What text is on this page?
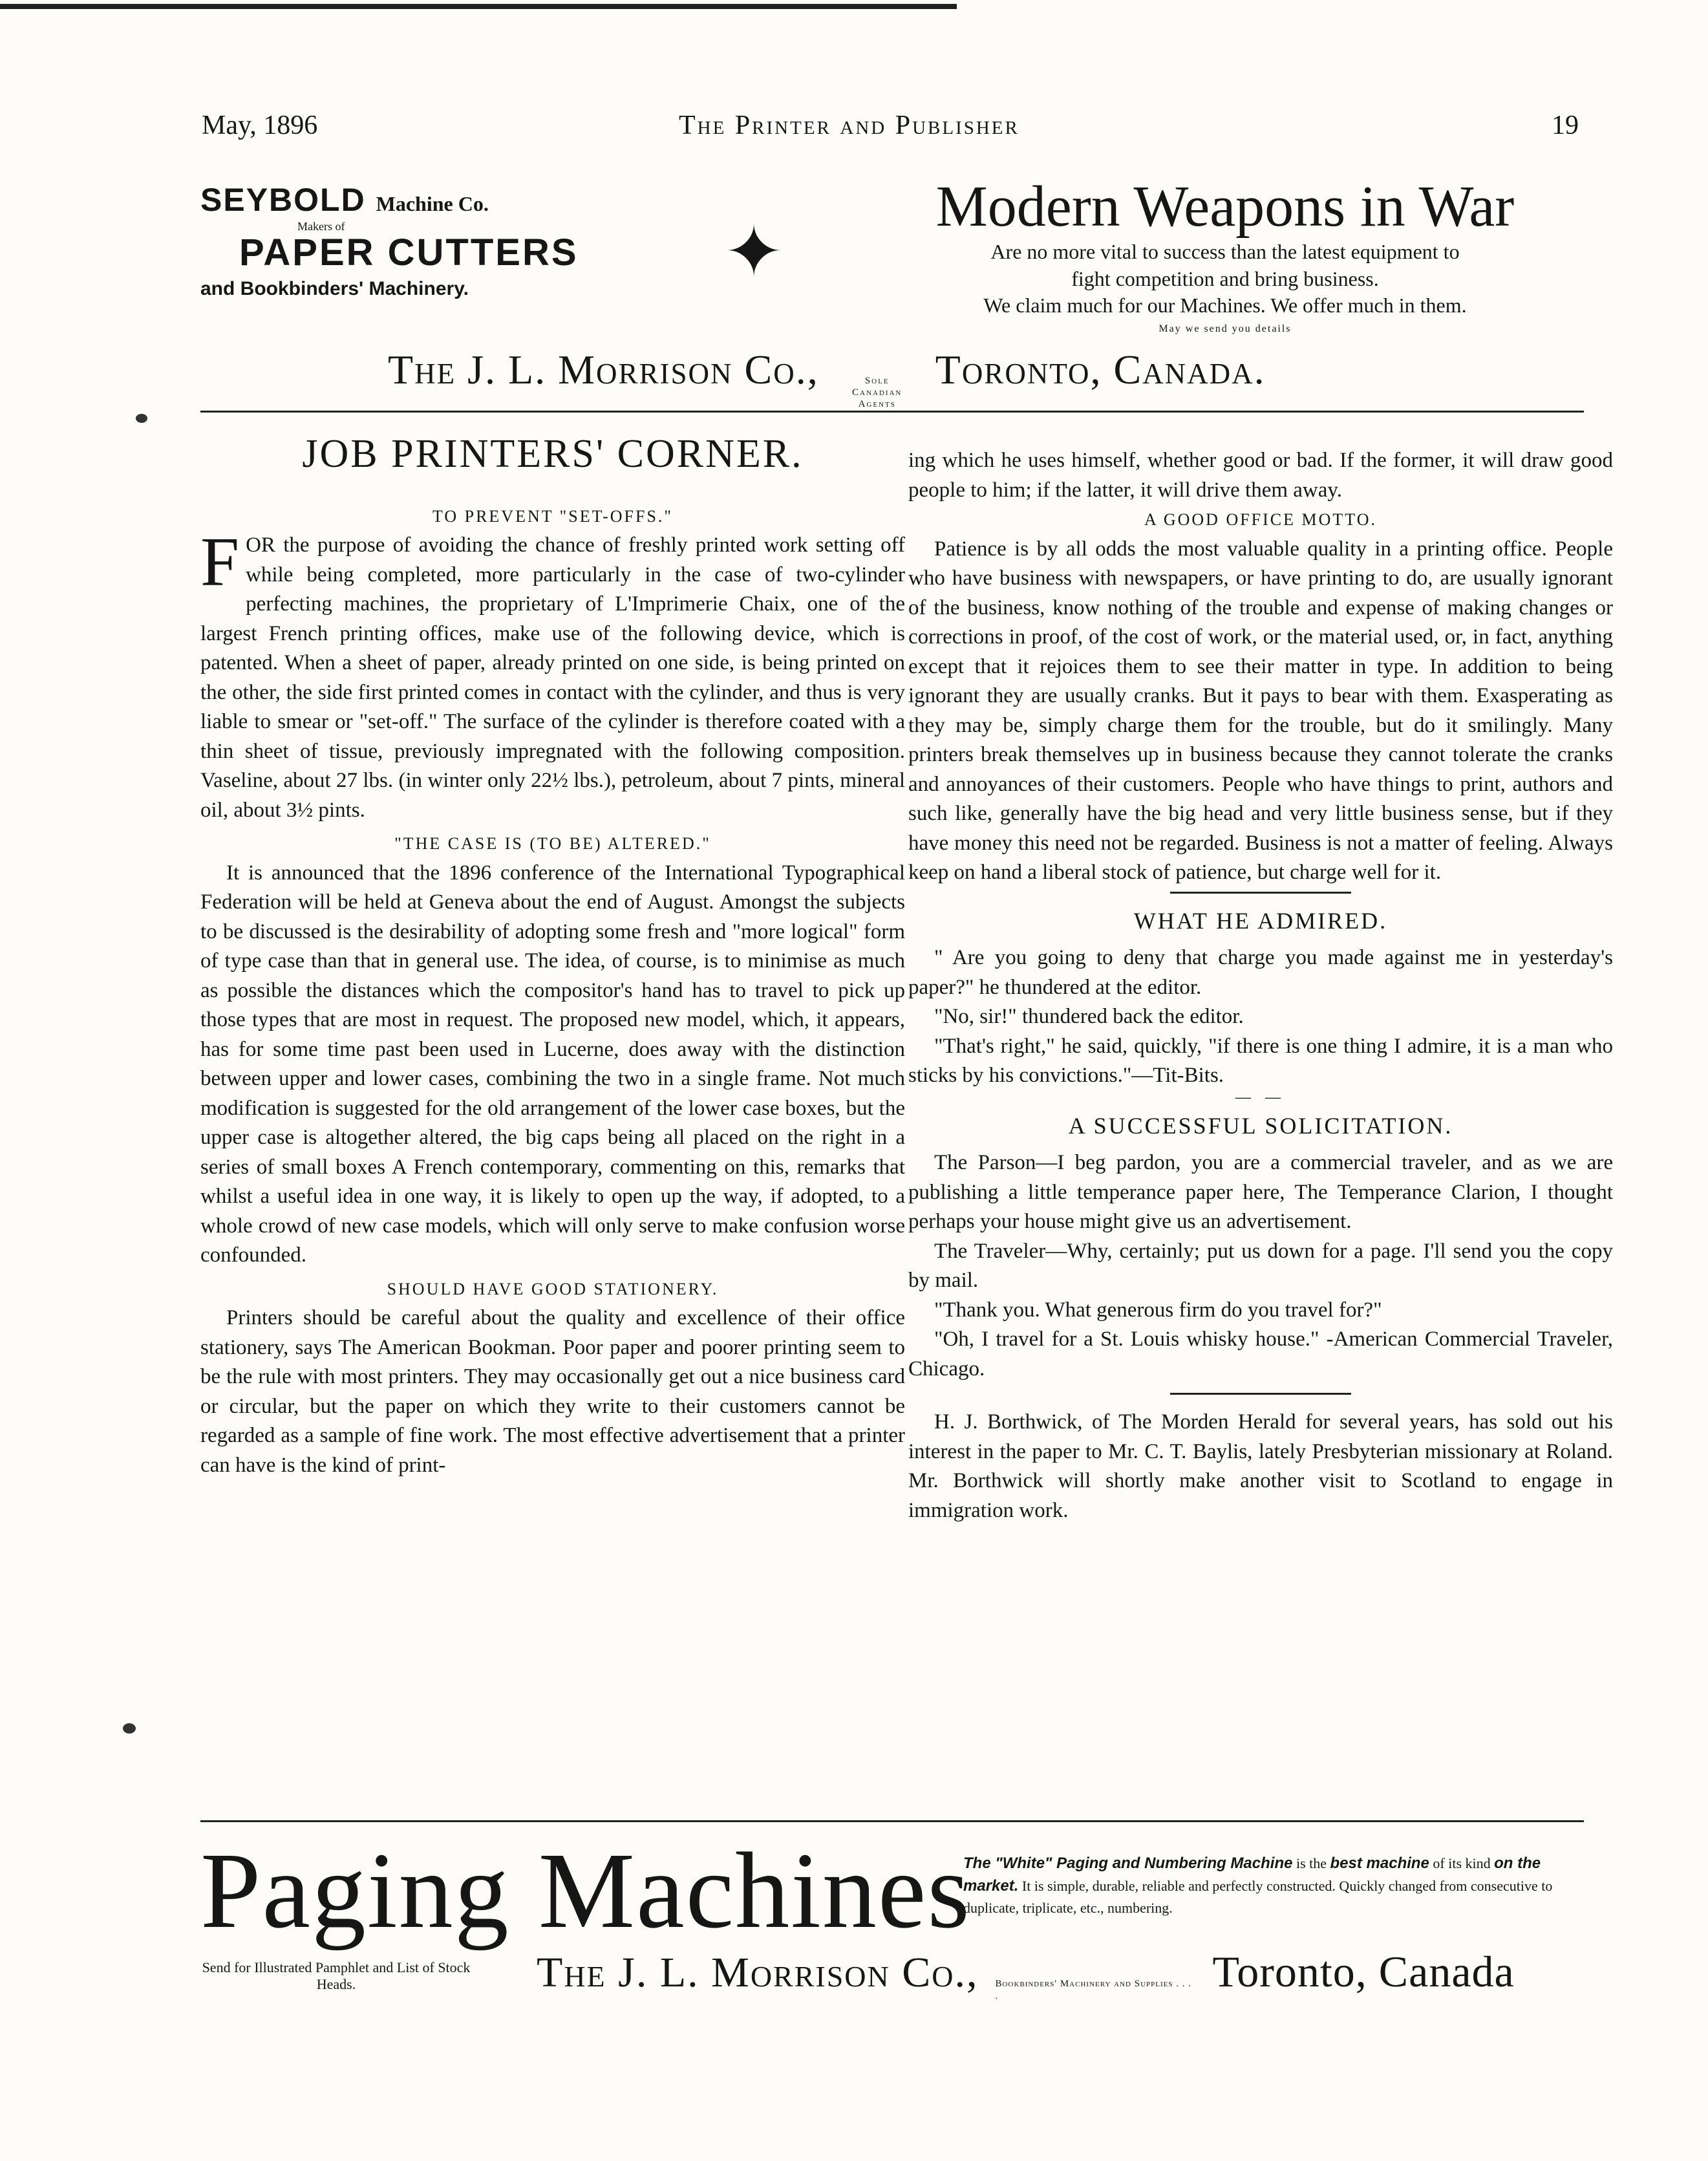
May, 1896	The Printer and Publisher	19
SEYBOLD Machine Co.
Makers of
PAPER CUTTERS
and Bookbinders' Machinery.	✦
Modern Weapons in War
Are no more vital to success than the latest equipment to
fight competition and bring business.
We claim much for our Machines. We offer much in them.
May we send you details
The J. L. Morrison Co.,	Sole Canadian Agents
Toronto, Canada.
JOB PRINTERS' CORNER.

TO PREVENT "SET-OFFS."

FOR the purpose of avoiding the chance of freshly printed work setting off while being completed, more particularly in the case of two-cylinder perfecting machines, the proprietary of L'Imprimerie Chaix, one of the largest French printing offices, make use of the following device, which is patented. When a sheet of paper, already printed on one side, is being printed on the other, the side first printed comes in contact with the cylinder, and thus is very liable to smear or "set-off." The surface of the cylinder is therefore coated with a thin sheet of tissue, previously impregnated with the following composition. Vaseline, about 27 lbs. (in winter only 22½ lbs.), petroleum, about 7 pints, mineral oil, about 3½ pints.

"THE CASE IS (TO BE) ALTERED."

It is announced that the 1896 conference of the International Typographical Federation will be held at Geneva about the end of August. Amongst the subjects to be discussed is the desirability of adopting some fresh and "more logical" form of type case than that in general use. The idea, of course, is to minimise as much as possible the distances which the compositor's hand has to travel to pick up those types that are most in request. The proposed new model, which, it appears, has for some time past been used in Lucerne, does away with the distinction between upper and lower cases, combining the two in a single frame. Not much modification is suggested for the old arrangement of the lower case boxes, but the upper case is altogether altered, the big caps being all placed on the right in a series of small boxes A French contemporary, commenting on this, remarks that whilst a useful idea in one way, it is likely to open up the way, if adopted, to a whole crowd of new case models, which will only serve to make confusion worse confounded.

SHOULD HAVE GOOD STATIONERY.

Printers should be careful about the quality and excellence of their office stationery, says The American Bookman. Poor paper and poorer printing seem to be the rule with most printers. They may occasionally get out a nice business card or circular, but the paper on which they write to their customers cannot be regarded as a sample of fine work. The most effective advertisement that a printer can have is the kind of print-

ing which he uses himself, whether good or bad. If the former, it will draw good people to him; if the latter, it will drive them away.

A GOOD OFFICE MOTTO.

Patience is by all odds the most valuable quality in a printing office. People who have business with newspapers, or have printing to do, are usually ignorant of the business, know nothing of the trouble and expense of making changes or corrections in proof, of the cost of work, or the material used, or, in fact, anything except that it rejoices them to see their matter in type. In addition to being ignorant they are usually cranks. But it pays to bear with them. Exasperating as they may be, simply charge them for the trouble, but do it smilingly. Many printers break themselves up in business because they cannot tolerate the cranks and annoyances of their customers. People who have things to print, authors and such like, generally have the big head and very little business sense, but if they have money this need not be regarded. Business is not a matter of feeling. Always keep on hand a liberal stock of patience, but charge well for it.

WHAT HE ADMIRED.

" Are you going to deny that charge you made against me in yesterday's paper?" he thundered at the editor.

"No, sir!" thundered back the editor.

"That's right," he said, quickly, "if there is one thing I admire, it is a man who sticks by his convictions."—Tit-Bits.

— —
A SUCCESSFUL SOLICITATION.

The Parson—I beg pardon, you are a commercial traveler, and as we are publishing a little temperance paper here, The Temperance Clarion, I thought perhaps your house might give us an advertisement.

The Traveler—Why, certainly; put us down for a page. I'll send you the copy by mail.

"Thank you. What generous firm do you travel for?"

"Oh, I travel for a St. Louis whisky house." -American Commercial Traveler, Chicago.

H. J. Borthwick, of The Morden Herald for several years, has sold out his interest in the paper to Mr. C. T. Baylis, lately Presbyterian missionary at Roland. Mr. Borthwick will shortly make another visit to Scotland to engage in immigration work.

Paging Machines
The "White" Paging and Numbering Machine is the best machine of its kind on the market. It is simple, durable, reliable and perfectly constructed. Quickly changed from consecutive to duplicate, triplicate, etc., numbering.
Send for Illustrated Pamphlet and List of Stock Heads.	The J. L. Morrison Co., Bookbinders' Machinery and Supplies . . . .	Toronto, Canada
